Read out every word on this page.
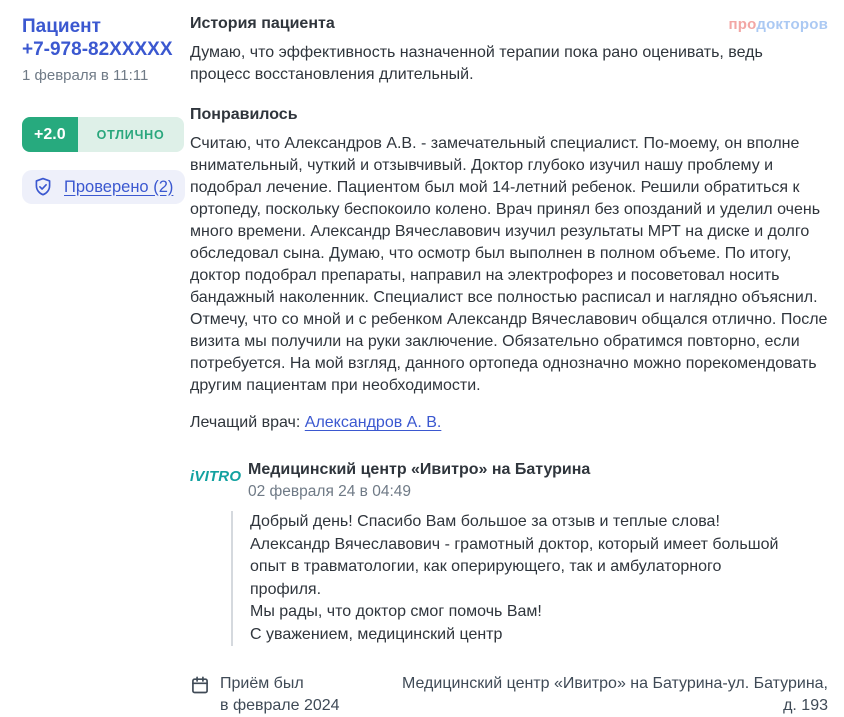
продокторов
Пациент
+7-978-82XXXXX
1 февраля в 11:11
+2.0	ОТЛИЧНО

Проверено (2)
История пациента

Думаю, что эффективность назначенной терапии пока рано оценивать, ведь процесс восстановления длительный.

Понравилось

Считаю, что Александров А.В. - замечательный специалист. По-моему, он вполне внимательный, чуткий и отзывчивый. Доктор глубоко изучил нашу проблему и подобрал лечение. Пациентом был мой 14-летний ребенок. Решили обратиться к ортопеду, поскольку беспокоило колено. Врач принял без опозданий и уделил очень много времени. Александр Вячеславович изучил результаты МРТ на диске и долго обследовал сына. Думаю, что осмотр был выполнен в полном объеме. По итогу, доктор подобрал препараты, направил на электрофорез и посоветовал носить бандажный наколенник. Специалист все полностью расписал и наглядно объяснил. Отмечу, что со мной и с ребенком Александр Вячеславович общался отлично. После визита мы получили на руки заключение. Обязательно обратимся повторно, если потребуется. На мой взгляд, данного ортопеда однозначно можно порекомендовать другим пациентам при необходимости.

Лечащий врач: Александров А. В.

iVITRO Медицинский центр «Ивитро» на Батурина
02 февраля 24 в 04:49
Добрый день! Спасибо Вам большое за отзыв и теплые слова! Александр Вячеславович - грамотный доктор, который имеет большой опыт в травматологии, как оперирующего, так и амбулаторного профиля.
Мы рады, что доктор смог помочь Вам!
С уважением, медицинский центр
Приём был
в феврале 2024
Медицинский центр «Ивитро» на Батурина-ул. Батурина,
д. 193
